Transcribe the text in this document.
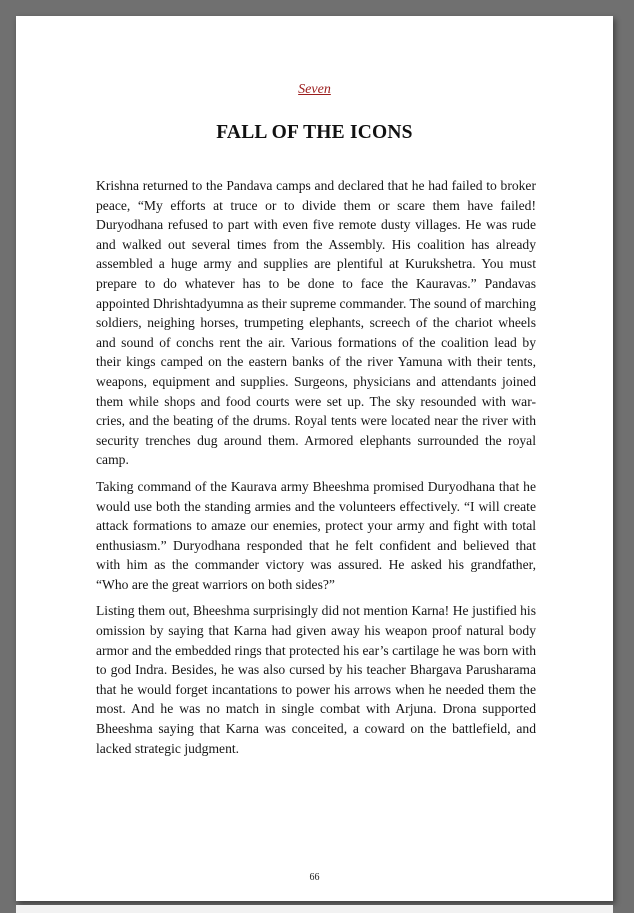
Seven
FALL OF THE ICONS

Krishna returned to the Pandava camps and declared that he had failed to broker peace, “My efforts at truce or to divide them or scare them have failed! Duryodhana refused to part with even five remote dusty villages. He was rude and walked out several times from the Assembly. His coalition has already assembled a huge army and supplies are plentiful at Kurukshetra. You must prepare to do whatever has to be done to face the Kauravas.” Pandavas appointed Dhrishtadyumna as their supreme commander. The sound of marching soldiers, neighing horses, trumpeting elephants, screech of the chariot wheels and sound of conchs rent the air. Various formations of the coalition lead by their kings camped on the eastern banks of the river Yamuna with their tents, weapons, equipment and supplies. Surgeons, physicians and attendants joined them while shops and food courts were set up. The sky resounded with war-cries, and the beating of the drums. Royal tents were located near the river with security trenches dug around them. Armored elephants surrounded the royal camp.

Taking command of the Kaurava army Bheeshma promised Duryodhana that he would use both the standing armies and the volunteers effectively. “I will create attack formations to amaze our enemies, protect your army and fight with total enthusiasm.” Duryodhana responded that he felt confident and believed that with him as the commander victory was assured. He asked his grandfather, “Who are the great warriors on both sides?”

Listing them out, Bheeshma surprisingly did not mention Karna! He justified his omission by saying that Karna had given away his weapon proof natural body armor and the embedded rings that protected his ear’s cartilage he was born with to god Indra. Besides, he was also cursed by his teacher Bhargava Parusharama that he would forget incantations to power his arrows when he needed them the most. And he was no match in single combat with Arjuna. Drona supported Bheeshma saying that Karna was conceited, a coward on the battlefield, and lacked strategic judgment.

66
